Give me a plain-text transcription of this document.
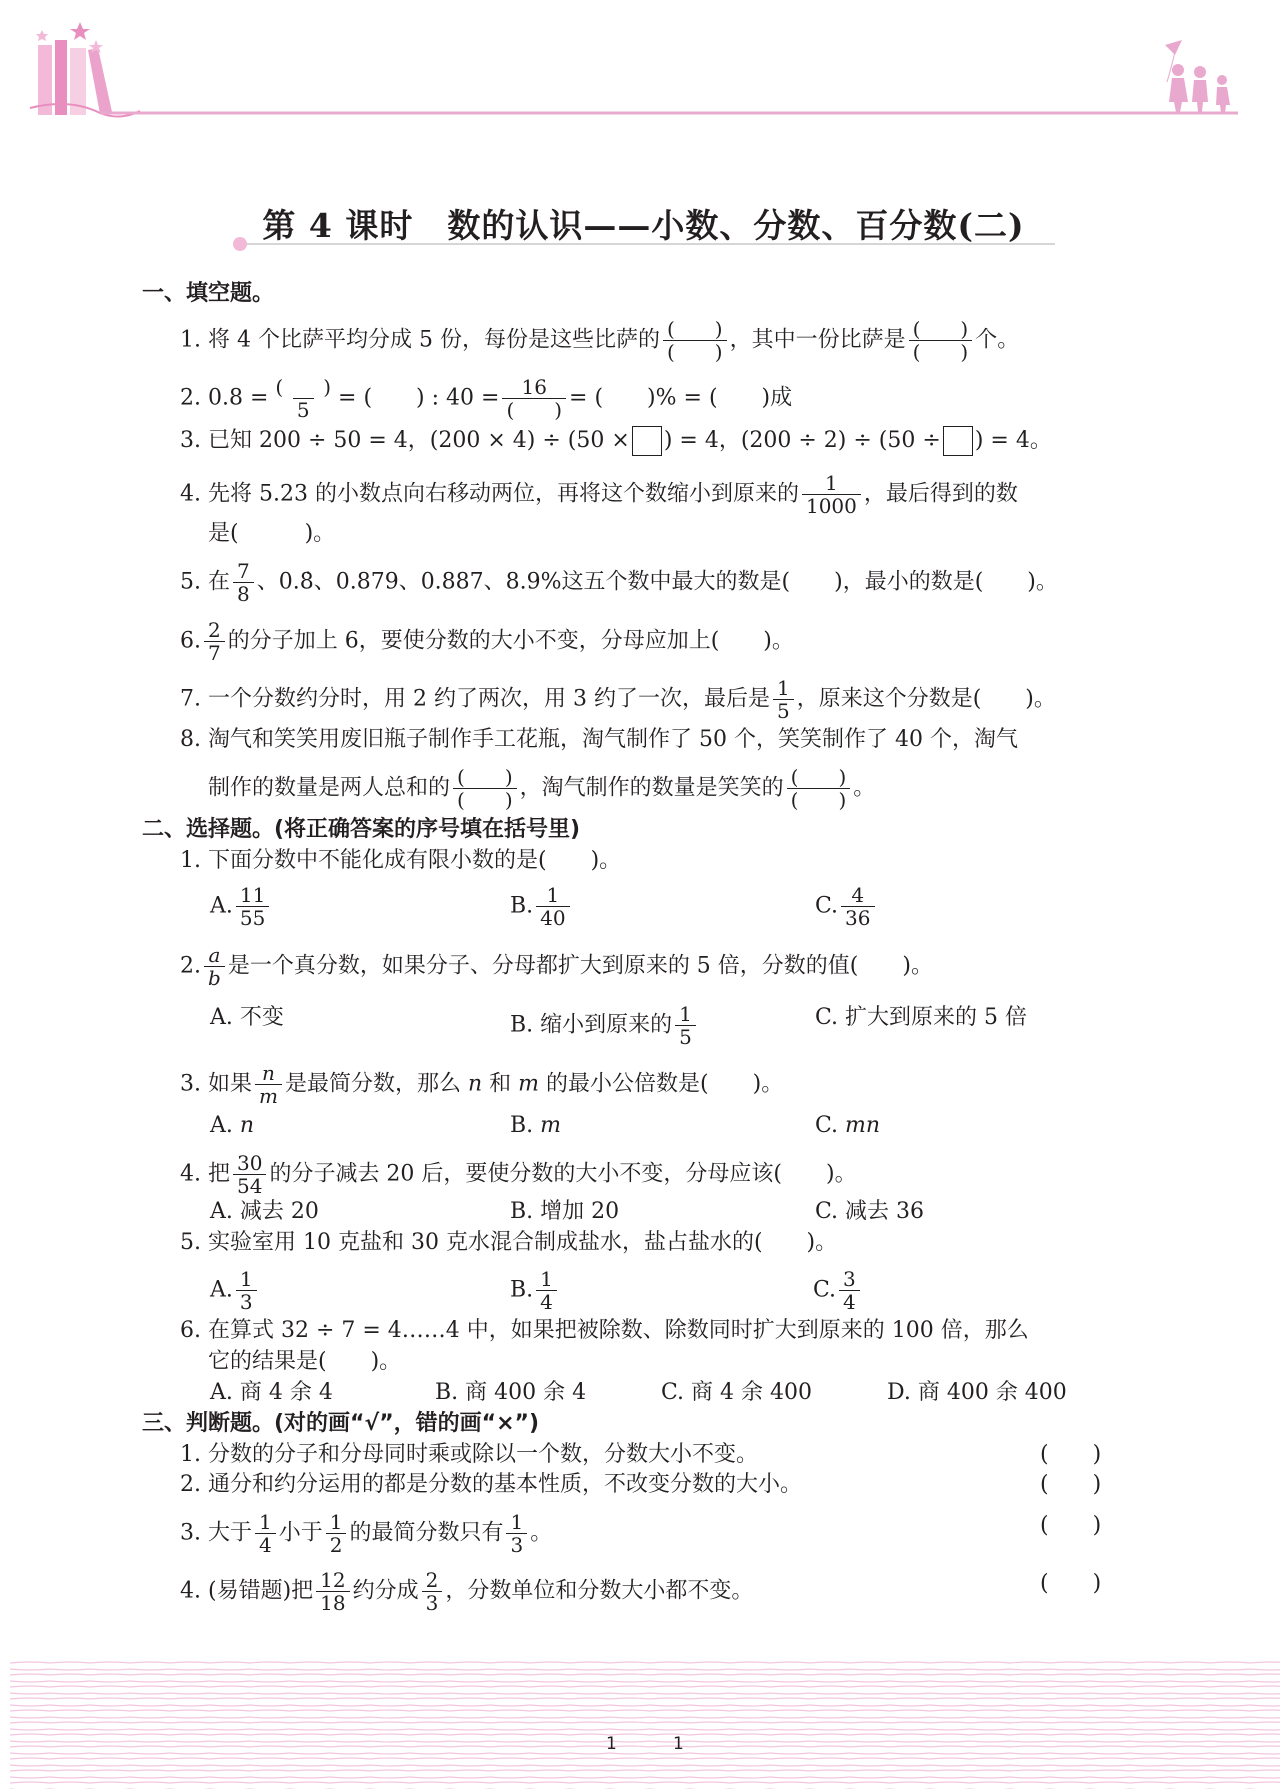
第 4 课时　数的认识——小数、分数、百分数(二)
一、填空题。
1. 将 4 个比萨平均分成 5 份，每份是这些比萨的 (　　)
(　　) ，其中一份比萨是 (　　)
(　　) 个。
2. 0.8 = (　　)
5 = (　　) : 40 = 16
(　　) = (　　)% = (　　)成
3. 已知 200 ÷ 50 = 4，(200 × 4) ÷ (50 × ) = 4，(200 ÷ 2) ÷ (50 ÷ ) = 4。
4. 先将 5.23 的小数点向右移动两位，再将这个数缩小到原来的 $\frac{1}{1000}$ ，最后得到的数
是(　　　)。
5. 在 $\frac{7}{8}$ 、0.8̇、0.879、0.887、8.9%这五个数中最大的数是(　　)，最小的数是(　　)。
6. $\frac{2}{7}$ 的分子加上 6，要使分数的大小不变，分母应加上(　　)。
7. 一个分数约分时，用 2 约了两次，用 3 约了一次，最后是 $\frac{1}{5}$ ，原来这个分数是(　　)。
8. 淘气和笑笑用废旧瓶子制作手工花瓶，淘气制作了 50 个，笑笑制作了 40 个，淘气
制作的数量是两人总和的 (　　)
(　　) ，淘气制作的数量是笑笑的 (　　)
(　　) 。
二、选择题。(将正确答案的序号填在括号里)
1. 下面分数中不能化成有限小数的是(　　)。
A. $\frac{11}{55}$	B. $\frac{1}{40}$	C. $\frac{4}{36}$
2. $\frac{a}{b}$ 是一个真分数，如果分子、分母都扩大到原来的 5 倍，分数的值(　　)。
A. 不变	B. 缩小到原来的 $\frac{1}{5}$	C. 扩大到原来的 5 倍
3. 如果 $\frac{n}{m}$ 是最简分数，那么 n 和 m 的最小公倍数是(　　)。
A. n	B. m	C. mn
4. 把 $\frac{30}{54}$ 的分子减去 20 后，要使分数的大小不变，分母应该(　　)。
A. 减去 20	B. 增加 20	C. 减去 36
5. 实验室用 10 克盐和 30 克水混合制成盐水，盐占盐水的(　　)。
A. $\frac{1}{3}$	B. $\frac{1}{4}$	C. $\frac{3}{4}$
6. 在算式 32 ÷ 7 = 4……4 中，如果把被除数、除数同时扩大到原来的 100 倍，那么
它的结果是(　　)。
A. 商 4 余 4	B. 商 400 余 4	C. 商 4 余 400	D. 商 400 余 400
三、判断题。(对的画“√”，错的画“×”)
1. 分数的分子和分母同时乘或除以一个数，分数大小不变。	(　　)
2. 通分和约分运用的都是分数的基本性质，不改变分数的大小。	(　　)
3. 大于 $\frac{1}{4}$ 小于 $\frac{1}{2}$ 的最简分数只有 $\frac{1}{3}$ 。	(　　)
4. (易错题)把 $\frac{12}{18}$ 约分成 $\frac{2}{3}$ ，分数单位和分数大小都不变。	(　　)
1	1
